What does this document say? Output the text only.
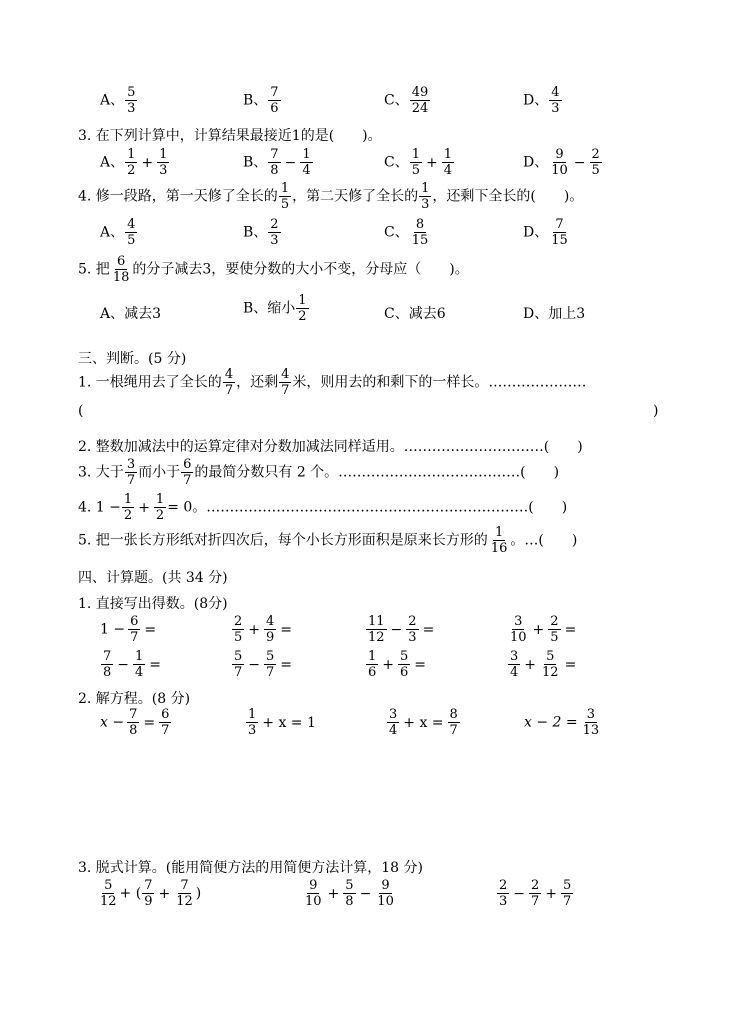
A、 $\frac{5}{3}$	B、 $\frac{7}{6}$	C、 $\frac{49}{24}$	D、 $\frac{4}{3}$
3. 在下列计算中，计算结果最接近1的是(　　)。
A、 $\frac{1}{2} + \frac{1}{3}$	B、 $\frac{7}{8} - \frac{1}{4}$	C、 $\frac{1}{5} + \frac{1}{4}$	D、 $\frac{9}{10} - \frac{2}{5}$
4. 修一段路，第一天修了全长的 $\frac{1}{5}$ ，第二天修了全长的 $\frac{1}{3}$ ，还剩下全长的(　　)。
A、 $\frac{4}{5}$	B、 $\frac{2}{3}$	C、 $\frac{8}{15}$	D、 $\frac{7}{15}$
5. 把 $\frac{6}{18}$ 的分子减去3，要使分数的大小不变，分母应（　　)。
A、减去3	B、缩小 $\frac{1}{2}$	C、减去6	D、加上3
三、判断。(5 分)
1. 一根绳用去了全长的 $\frac{4}{7}$ ，还剩 $\frac{4}{7}$ 米，则用去的和剩下的一样长。…………………
(	)
2. 整数加减法中的运算定律对分数加减法同样适用。…………………………(　　)
3. 大于 $\frac{3}{7}$ 而小于 $\frac{6}{7}$ 的最简分数只有 2 个。…………………………………(　　)
4. $1 - \frac{1}{2} + \frac{1}{2} = 0$。……………………………………………………………(　　)
5. 把一张长方形纸对折四次后，每个小长方形面积是原来长方形的 $\frac{1}{16}$ 。…(　　)
四、计算题。(共 34 分)
1. 直接写出得数。(8分)
$1 - \frac{6}{7}$ =	$\frac{2}{5} + \frac{4}{9}$ =	$\frac{11}{12} - \frac{2}{3}$ =	$\frac{3}{10} + \frac{2}{5}$ =
$\frac{7}{8} - \frac{1}{4}$ =	$\frac{5}{7} - \frac{5}{7}$ =	$\frac{1}{6} + \frac{5}{6}$ =	$\frac{3}{4} + \frac{5}{12}$ =
2. 解方程。(8 分)
$x - \frac{7}{8} = \frac{6}{7}$	$\frac{1}{3} + x = 1$	$\frac{3}{4} + x = \frac{8}{7}$	$x - 2 = \frac{3}{13}$
3. 脱式计算。(能用简便方法的用简便方法计算，18 分)
$\frac{5}{12}$ + ( $\frac{7}{9} + \frac{7}{12}$ )	$\frac{9}{10} + \frac{5}{8} - \frac{9}{10}$	$\frac{2}{3} - \frac{2}{7} + \frac{5}{7}$
